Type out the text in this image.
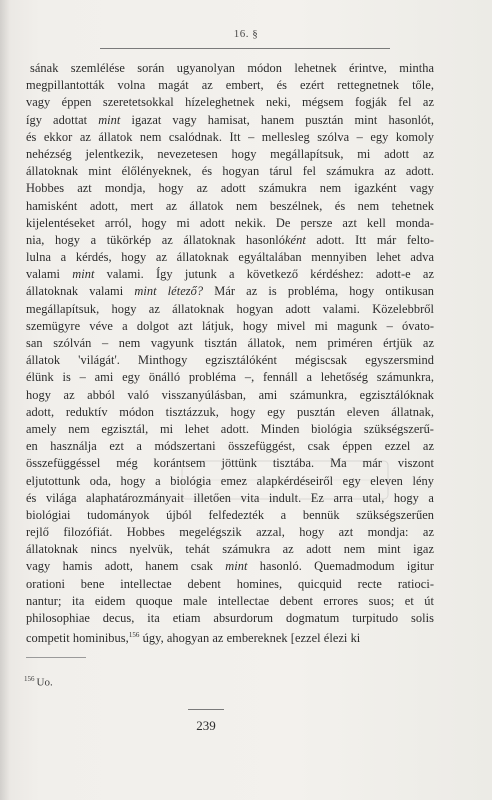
16. §
sának szemlélése során ugyanolyan módon lehetnek érintve, mintha
megpillantották volna magát az embert, és ezért rettegnetnek tőle,
vagy éppen szeretetsokkal hízeleghetnek neki, mégsem fogják fel az
így adottat mint igazat vagy hamisat, hanem pusztán mint hasonlót,
és ekkor az állatok nem csalódnak. Itt – mellesleg szólva – egy komoly
nehézség jelentkezik, nevezetesen hogy megállapítsuk, mi adott az
állatoknak mint élőlényeknek, és hogyan tárul fel számukra az adott.
Hobbes azt mondja, hogy az adott számukra nem igazként vagy
hamisként adott, mert az állatok nem beszélnek, és nem tehetnek
kijelentéseket arról, hogy mi adott nekik. De persze azt kell monda-
nia, hogy a tükörkép az állatoknak hasonlóként adott. Itt már felto-
lulna a kérdés, hogy az állatoknak egyáltalában mennyiben lehet adva
valami mint valami. Így jutunk a következő kérdéshez: adott-e az
állatoknak valami mint létező? Már az is probléma, hogy ontikusan
megállapítsuk, hogy az állatoknak hogyan adott valami. Közelebbről
szemügyre véve a dolgot azt látjuk, hogy mivel mi magunk – óvato-
san szólván – nem vagyunk tisztán állatok, nem priméren értjük az
állatok 'világát'. Minthogy egzisztálóként mégiscsak egyszersmind
élünk is – ami egy önálló probléma –, fennáll a lehetőség számunkra,
hogy az abból való visszanyúlásban, ami számunkra, egzisztálóknak
adott, reduktív módon tisztázzuk, hogy egy pusztán eleven állatnak,
amely nem egzisztál, mi lehet adott. Minden biológia szükségszerű-
en használja ezt a módszertani összefüggést, csak éppen ezzel az
összefüggéssel még korántsem jöttünk tisztába. Ma már viszont
eljutottunk oda, hogy a biológia emez alapkérdéseiről egy eleven lény
és világa alaphatározmányait illetően vita indult. Ez arra utal, hogy a
biológiai tudományok újból felfedezték a bennük szükségszerűen
rejlő filozófiát. Hobbes megelégszik azzal, hogy azt mondja: az
állatoknak nincs nyelvük, tehát számukra az adott nem mint igaz
vagy hamis adott, hanem csak mint hasonló. Quemadmodum igitur
orationi bene intellectae debent homines, quicquid recte ratioci-
nantur; ita eidem quoque male intellectae debent errores suos; et út
philosophiae decus, ita etiam absurdorum dogmatum turpitudo solis
competit hominibus,$^{156}$ úgy, ahogyan az embereknek [ezzel élezi ki
$^{156}$ Uo.
239
